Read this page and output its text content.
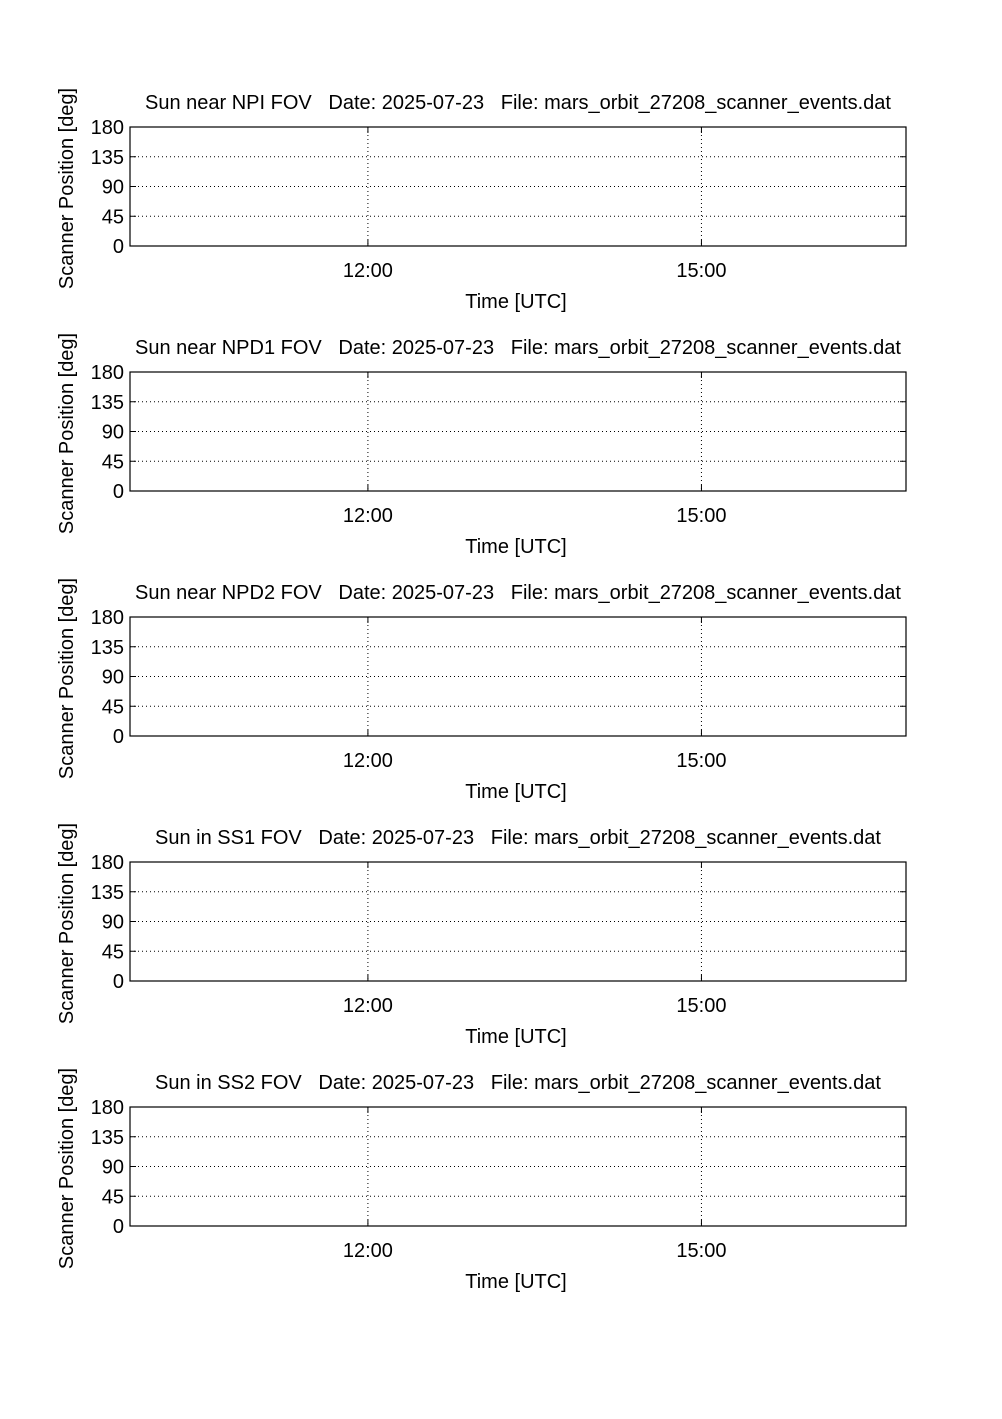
Sun near NPI FOV   Date: 2025-07-23   File: mars_orbit_27208_scanner_events.dat
0
45
90
135
180
12:00	15:00
Time [UTC]
Scanner Position [deg]
Sun near NPD1 FOV   Date: 2025-07-23   File: mars_orbit_27208_scanner_events.dat
0
45
90
135
180
12:00	15:00
Time [UTC]
Scanner Position [deg]
Sun near NPD2 FOV   Date: 2025-07-23   File: mars_orbit_27208_scanner_events.dat
0
45
90
135
180
12:00	15:00
Time [UTC]
Scanner Position [deg]
Sun in SS1 FOV   Date: 2025-07-23   File: mars_orbit_27208_scanner_events.dat
0
45
90
135
180
12:00	15:00
Time [UTC]
Scanner Position [deg]
Sun in SS2 FOV   Date: 2025-07-23   File: mars_orbit_27208_scanner_events.dat
0
45
90
135
180
12:00	15:00
Time [UTC]
Scanner Position [deg]
